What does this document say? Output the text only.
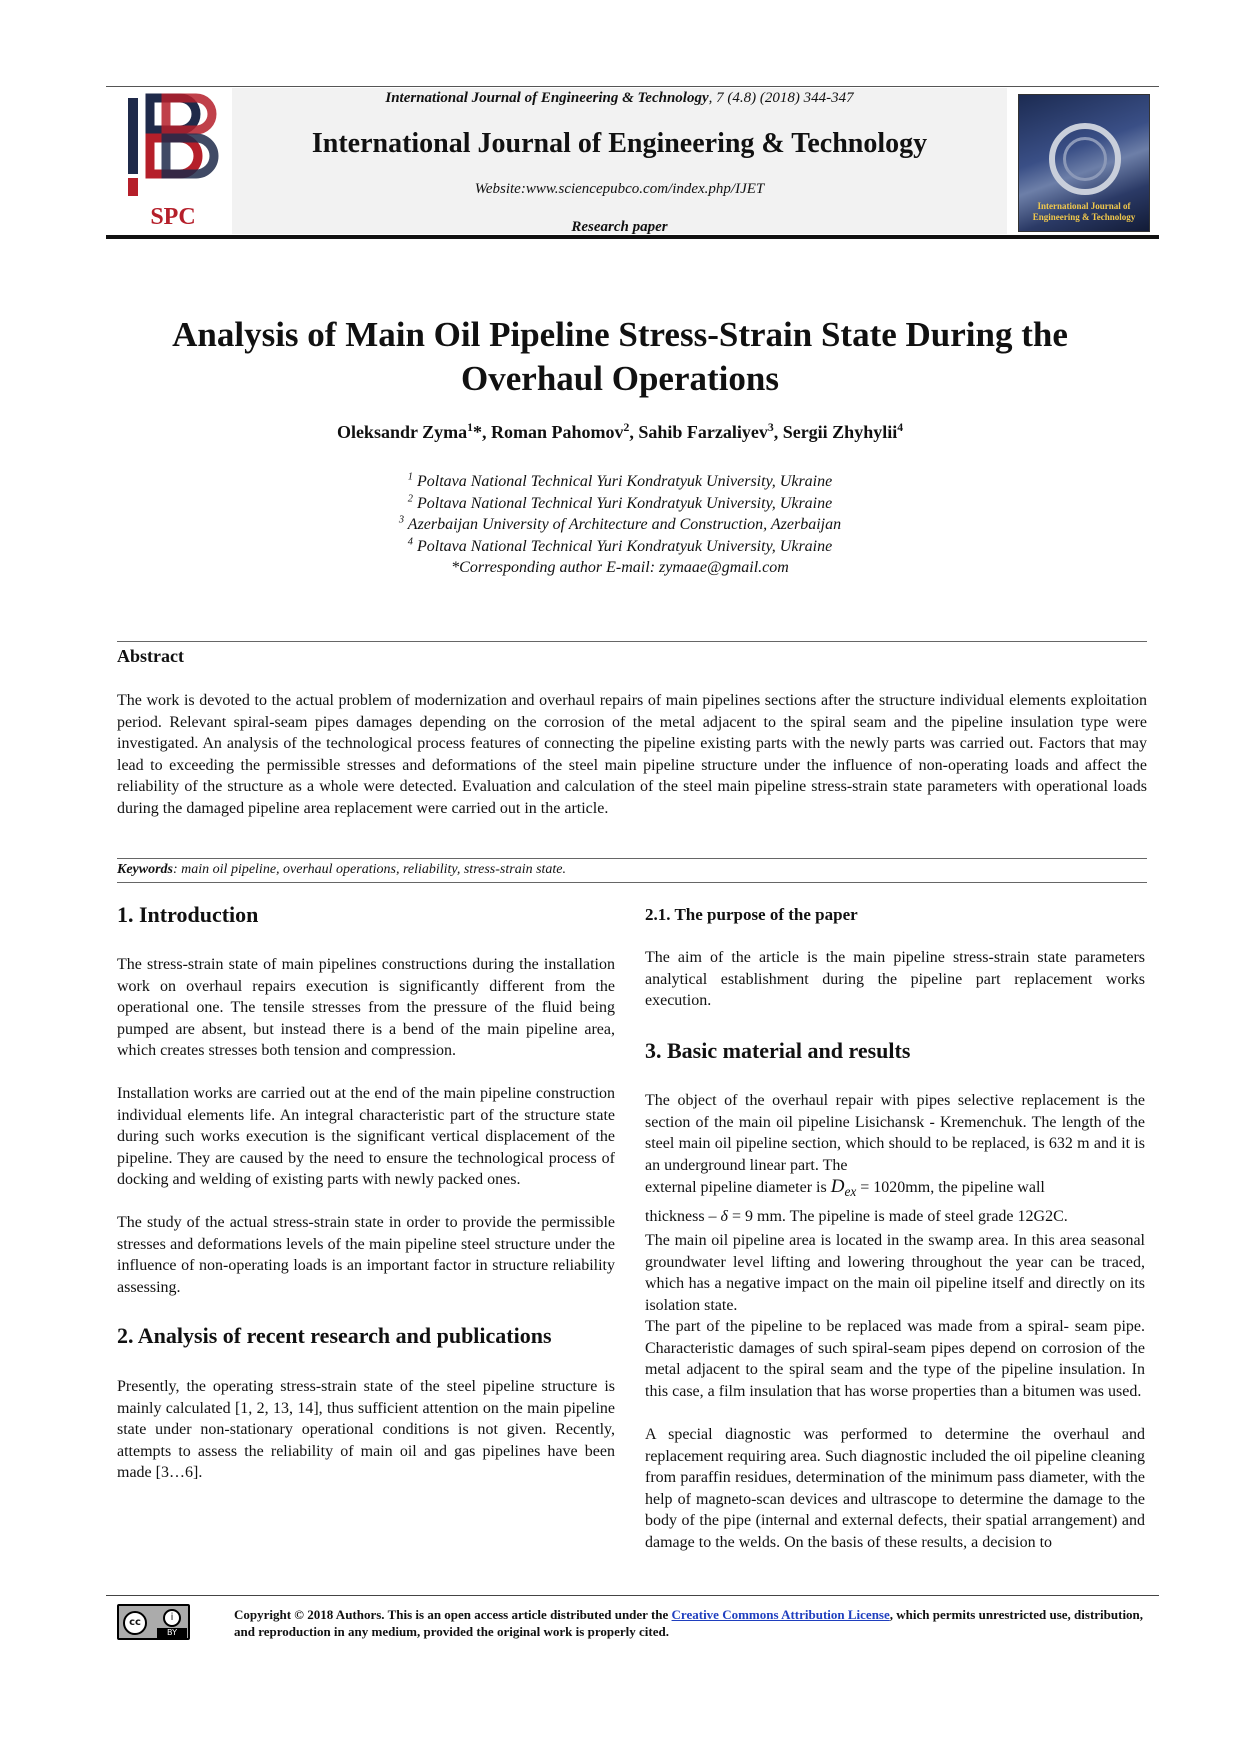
SPC
International Journal of Engineering & Technology, 7 (4.8) (2018) 344-347
International Journal of Engineering & Technology
Website:www.sciencepubco.com/index.php/IJET
Research paper
International Journal of Engineering & Technology
Analysis of Main Oil Pipeline Stress-Strain State During the
Overhaul Operations
Oleksandr Zyma$^1$*, Roman Pahomov$^2$, Sahib Farzaliyev$^3$, Sergii Zhyhylii$^4$
$^1$ Poltava National Technical Yuri Kondratyuk University, Ukraine
$^2$ Poltava National Technical Yuri Kondratyuk University, Ukraine
$^3$ Azerbaijan University of Architecture and Construction, Azerbaijan
$^4$ Poltava National Technical Yuri Kondratyuk University, Ukraine
*Corresponding author E-mail: zymaae@gmail.com
Abstract
The work is devoted to the actual problem of modernization and overhaul repairs of main pipelines sections after the structure individual elements exploitation period. Relevant spiral-seam pipes damages depending on the corrosion of the metal adjacent to the spiral seam and the pipeline insulation type were investigated. An analysis of the technological process features of connecting the pipeline existing parts with the newly parts was carried out. Factors that may lead to exceeding the permissible stresses and deformations of the steel main pipeline structure under the influence of non-operating loads and affect the reliability of the structure as a whole were detected. Evaluation and calculation of the steel main pipeline stress-strain state parameters with operational loads during the damaged pipeline area replacement were carried out in the article.
Keywords: main oil pipeline, overhaul operations, reliability, stress-strain state.
1. Introduction
The stress-strain state of main pipelines constructions during the installation work on overhaul repairs execution is significantly different from the operational one. The tensile stresses from the pressure of the fluid being pumped are absent, but instead there is a bend of the main pipeline area, which creates stresses both tension and compression.
Installation works are carried out at the end of the main pipeline construction individual elements life. An integral characteristic part of the structure state during such works execution is the significant vertical displacement of the pipeline. They are caused by the need to ensure the technological process of docking and welding of existing parts with newly packed ones.
The study of the actual stress-strain state in order to provide the permissible stresses and deformations levels of the main pipeline steel structure under the influence of non-operating loads is an important factor in structure reliability assessing.
2. Analysis of recent research and publications
Presently, the operating stress-strain state of the steel pipeline structure is mainly calculated [1, 2, 13, 14], thus sufficient attention on the main pipeline state under non-stationary operational conditions is not given. Recently, attempts to assess the reliability of main oil and gas pipelines have been made [3…6].
2.1. The purpose of the paper
The aim of the article is the main pipeline stress-strain state parameters analytical establishment during the pipeline part replacement works execution.
3. Basic material and results
The object of the overhaul repair with pipes selective replacement is the section of the main oil pipeline Lisichansk - Kremenchuk. The length of the steel main oil pipeline section, which should to be replaced, is 632 m and it is an underground linear part. The
external pipeline diameter is $D_{ex} = 1020mm$, the pipeline wall
thickness – δ = 9 mm. The pipeline is made of steel grade 12G2C.
The main oil pipeline area is located in the swamp area. In this area seasonal groundwater level lifting and lowering throughout the year can be traced, which has a negative impact on the main oil pipeline itself and directly on its isolation state.
The part of the pipeline to be replaced was made from a spiral- seam pipe. Characteristic damages of such spiral-seam pipes depend on corrosion of the metal adjacent to the spiral seam and the type of the pipeline insulation. In this case, a film insulation that has worse properties than a bitumen was used.
A special diagnostic was performed to determine the overhaul and replacement requiring area. Such diagnostic included the oil pipeline cleaning from paraffin residues, determination of the minimum pass diameter, with the help of magneto-scan devices and ultrascope to determine the damage to the body of the pipe (internal and external defects, their spatial arrangement) and damage to the welds. On the basis of these results, a decision to
cc	i
BY
Copyright © 2018 Authors. This is an open access article distributed under the Creative Commons Attribution License, which permits unrestricted use, distribution, and reproduction in any medium, provided the original work is properly cited.
